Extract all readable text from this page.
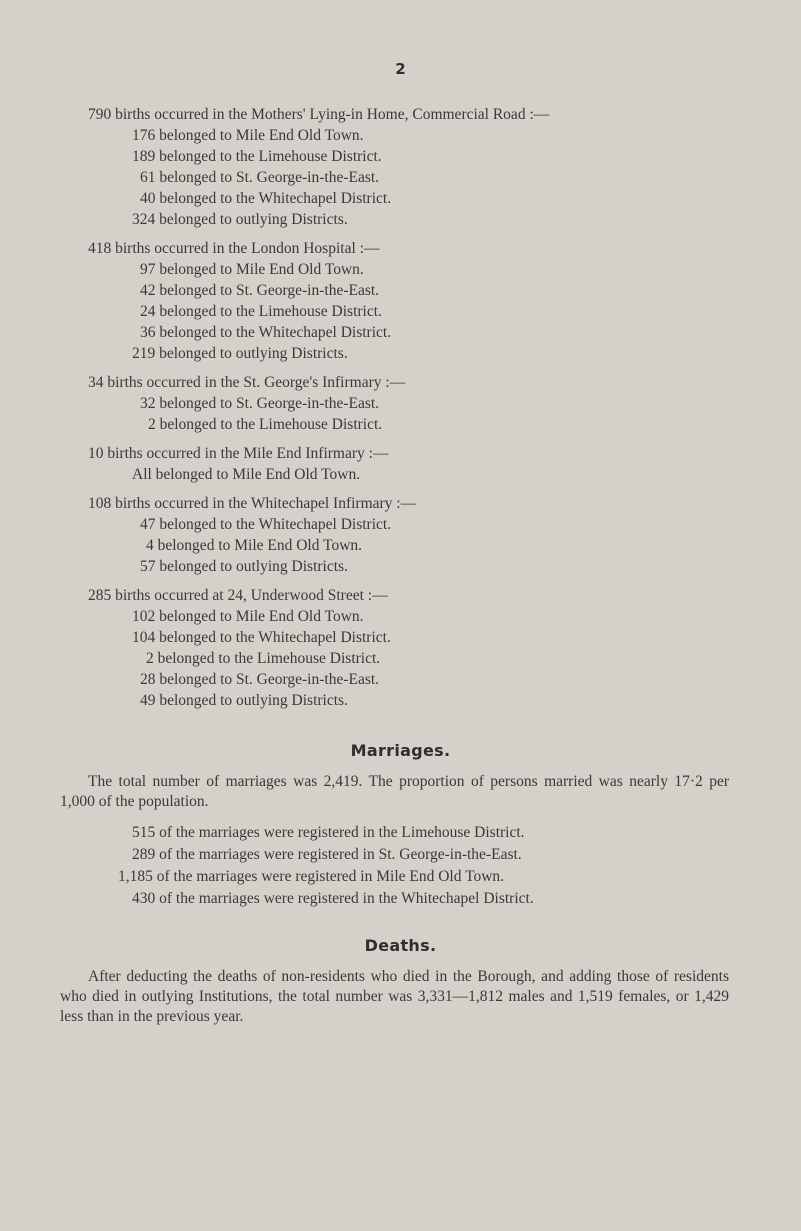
2
790 births occurred in the Mothers' Lying-in Home, Commercial Road :—
176 belonged to Mile End Old Town.
189 belonged to the Limehouse District.
61 belonged to St. George-in-the-East.
40 belonged to the Whitechapel District.
324 belonged to outlying Districts.
418 births occurred in the London Hospital :—
97 belonged to Mile End Old Town.
42 belonged to St. George-in-the-East.
24 belonged to the Limehouse District.
36 belonged to the Whitechapel District.
219 belonged to outlying Districts.
34 births occurred in the St. George's Infirmary :—
32 belonged to St. George-in-the-East.
2 belonged to the Limehouse District.
10 births occurred in the Mile End Infirmary :—
All belonged to Mile End Old Town.
108 births occurred in the Whitechapel Infirmary :—
47 belonged to the Whitechapel District.
4 belonged to Mile End Old Town.
57 belonged to outlying Districts.
285 births occurred at 24, Underwood Street :—
102 belonged to Mile End Old Town.
104 belonged to the Whitechapel District.
2 belonged to the Limehouse District.
28 belonged to St. George-in-the-East.
49 belonged to outlying Districts.
Marriages.
The total number of marriages was 2,419. The proportion of persons married was nearly 17·2 per 1,000 of the population.
515 of the marriages were registered in the Limehouse District.
289 of the marriages were registered in St. George-in-the-East.
1,185 of the marriages were registered in Mile End Old Town.
430 of the marriages were registered in the Whitechapel District.
Deaths.
After deducting the deaths of non-residents who died in the Borough, and adding those of residents who died in outlying Institutions, the total number was 3,331—1,812 males and 1,519 females, or 1,429 less than in the previous year.
